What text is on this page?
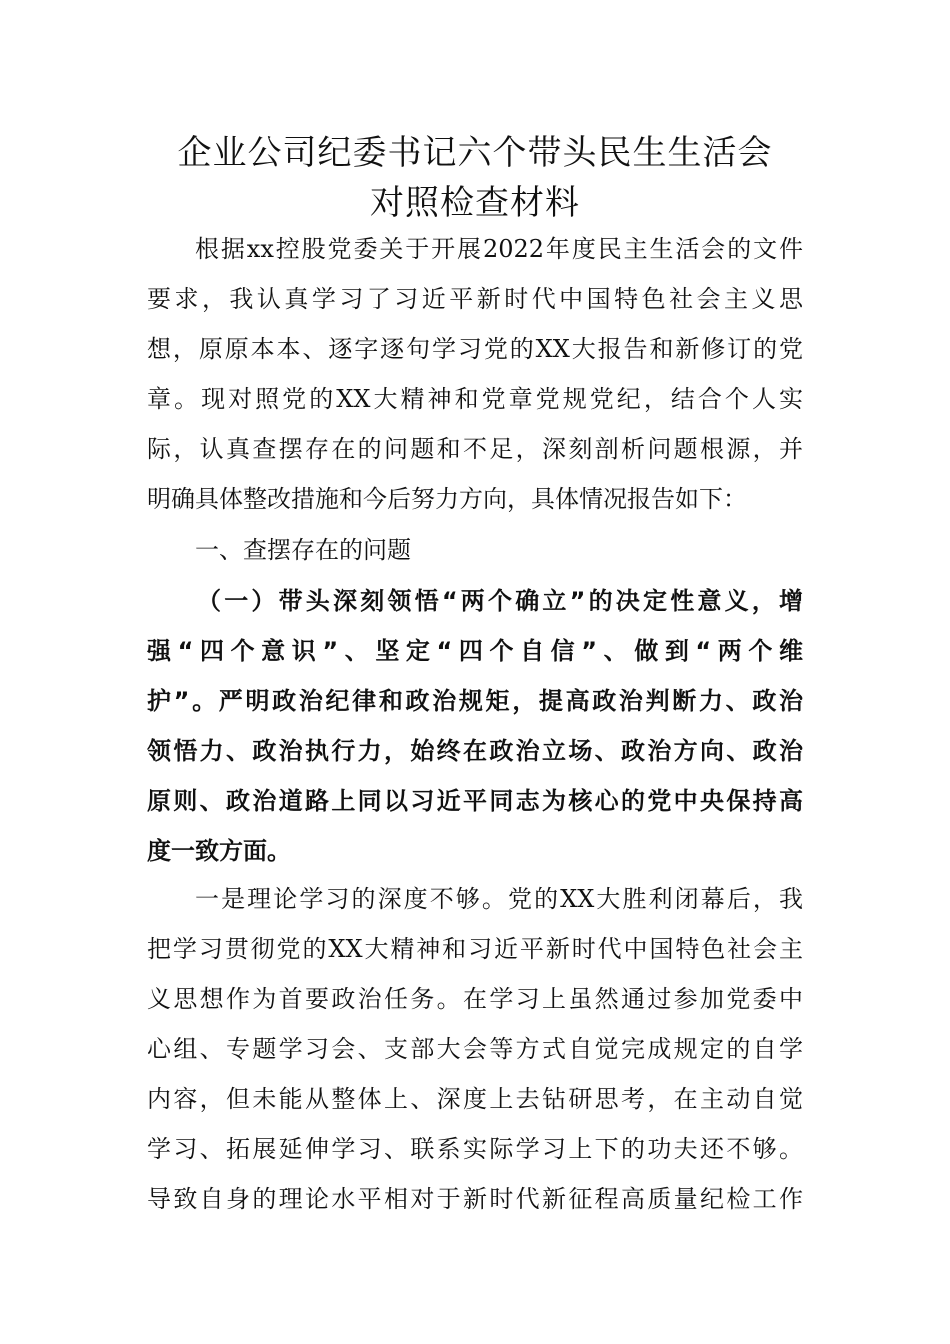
企业公司纪委书记六个带头民生生活会
对照检查材料
根据xx控股党委关于开展2022年度民主生活会的文件
要求，我认真学习了习近平新时代中国特色社会主义思
想，原原本本、逐字逐句学习党的XX大报告和新修订的党
章。现对照党的XX大精神和党章党规党纪，结合个人实
际，认真查摆存在的问题和不足，深刻剖析问题根源，并
明确具体整改措施和今后努力方向，具体情况报告如下：
一、查摆存在的问题
（一）带头深刻领悟“两个确立”的决定性意义，增
强“四个意识”、坚定“四个自信”、做到“两个维
护”。严明政治纪律和政治规矩，提高政治判断力、政治
领悟力、政治执行力，始终在政治立场、政治方向、政治
原则、政治道路上同以习近平同志为核心的党中央保持高
度一致方面。
一是理论学习的深度不够。党的XX大胜利闭幕后，我
把学习贯彻党的XX大精神和习近平新时代中国特色社会主
义思想作为首要政治任务。在学习上虽然通过参加党委中
心组、专题学习会、支部大会等方式自觉完成规定的自学
内容，但未能从整体上、深度上去钻研思考，在主动自觉
学习、拓展延伸学习、联系实际学习上下的功夫还不够。
导致自身的理论水平相对于新时代新征程高质量纪检工作
